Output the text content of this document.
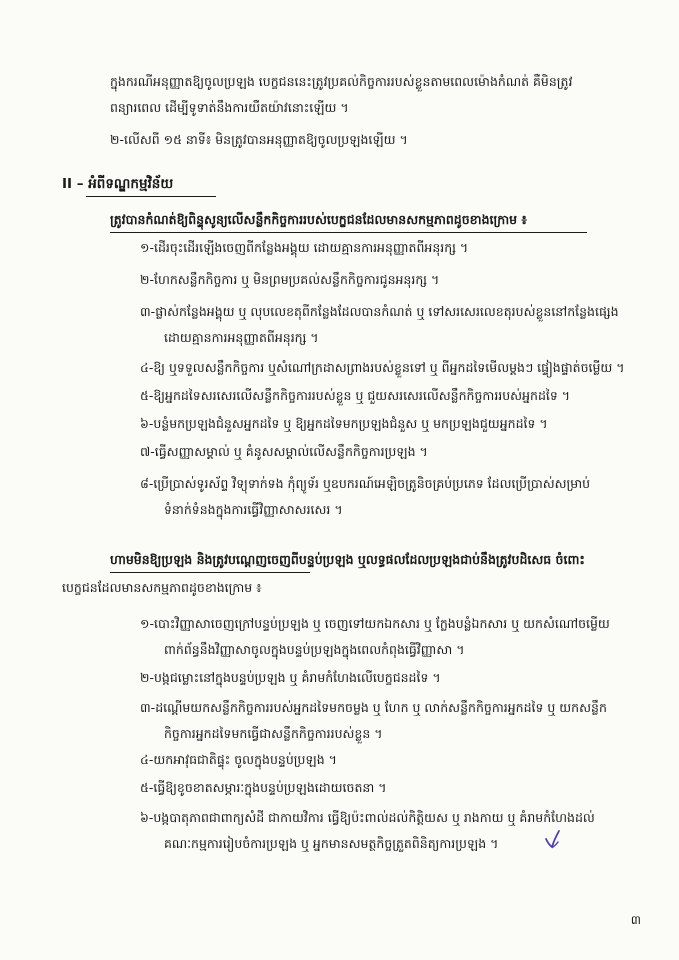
ក្នុងករណីអនុញ្ញាតឱ្យចូលប្រឡង បេក្ខជននេះត្រូវប្រគល់កិច្ចការរបស់ខ្លួនតាមពេលម៉ោងកំណត់ គឺមិនត្រូវ
ពន្យារពេល ដើម្បីទូទាត់នឹងការយឺតយ៉ាវនោះឡើយ ។
២-លើសពី ១៥ នាទី៖ មិនត្រូវបានអនុញ្ញាតឱ្យចូលប្រឡងឡើយ ។
II – អំពីទណ្ឌកម្មវិន័យ
ត្រូវបានកំណត់ឱ្យពិន្ទុសូន្យលើសន្លឹកកិច្ចការរបស់បេក្ខជនដែលមានសកម្មភាពដូចខាងក្រោម ៖
១-ដើរចុះដើរឡើងចេញពីកន្លែងអង្គុយ ដោយគ្មានការអនុញ្ញាតពីអនុរក្ស ។
២-ហែកសន្លឹកកិច្ចការ ឬ មិនព្រមប្រគល់សន្លឹកកិច្ចការជូនអនុរក្ស ។
៣-ផ្លាស់កន្លែងអង្គុយ ឬ លុបលេខតុពីកន្លែងដែលបានកំណត់ ឬ ទៅសរសេរលេខតុរបស់ខ្លួននៅកន្លែងផ្សេង
ដោយគ្មានការអនុញ្ញាតពីអនុរក្ស ។
៤-ឱ្យ ឬទទួលសន្លឹកកិច្ចការ ឬសំណៅក្រដាសព្រាងរបស់ខ្លួនទៅ ឬ ពីអ្នកដទៃមើលម្តងៗ ផ្ទៀងផ្ទាត់ចម្លើយ ។
៥-ឱ្យអ្នកដទៃសរសេរលើសន្លឹកកិច្ចការរបស់ខ្លួន ឬ ជួយសរសេរលើសន្លឹកកិច្ចការរបស់អ្នកដទៃ ។
៦-បន្លំមកប្រឡងជំនួសអ្នកដទៃ ឬ ឱ្យអ្នកដទៃមកប្រឡងជំនួស ឬ មកប្រឡងជួយអ្នកដទៃ ។
៧-ធ្វើសញ្ញាសម្គាល់ ឬ គំនូសសម្គាល់លើសន្លឹកកិច្ចការប្រឡង ។
៨-ប្រើប្រាស់ទូរស័ព្ទ វិទ្យុទាក់ទង កុំព្យូទ័រ ឬឧបករណ៍អេឡិចត្រូនិចគ្រប់ប្រភេទ ដែលប្រើប្រាស់សម្រាប់
ទំនាក់ទំនងក្នុងការធ្វើវិញ្ញាសាសរសេរ ។
ហាមមិនឱ្យប្រឡង និងត្រូវបណ្តេញចេញពីបន្ទប់ប្រឡង ឬលទ្ធផលដែលប្រឡងជាប់នឹងត្រូវបដិសេធ ចំពោះ
បេក្ខជនដែលមានសកម្មភាពដូចខាងក្រោម ៖
១-បោះវិញ្ញាសាចេញក្រៅបន្ទប់ប្រឡង ឬ ចេញទៅយកឯកសារ ឬ ក្លែងបន្លំឯកសារ ឬ យកសំណៅចម្លើយ
ពាក់ព័ន្ធនឹងវិញ្ញាសាចូលក្នុងបន្ទប់ប្រឡងក្នុងពេលកំពុងធ្វើវិញ្ញាសា ។
២-បង្កជម្លោះនៅក្នុងបន្ទប់ប្រឡង ឬ គំរាមកំហែងលើបេក្ខជនដទៃ ។
៣-ដណ្តើមយកសន្លឹកកិច្ចការរបស់អ្នកដទៃមកចម្លង ឬ ហែក ឬ លាក់សន្លឹកកិច្ចការអ្នកដទៃ ឬ យកសន្លឹក
កិច្ចការអ្នកដទៃមកធ្វើជាសន្លឹកកិច្ចការរបស់ខ្លួន ។
៤-យកអាវុធជាតិផ្ទុះ ចូលក្នុងបន្ទប់ប្រឡង ។
៥-ធ្វើឱ្យខូចខាតសម្ភារៈក្នុងបន្ទប់ប្រឡងដោយចេតនា ។
៦-បង្កបាតុភាពជាពាក្យសំដី ជាកាយវិការ ធ្វើឱ្យប៉ះពាល់ដល់កិត្តិយស ឬ រាងកាយ ឬ គំរាមកំហែងដល់
គណៈកម្មការរៀបចំការប្រឡង ឬ អ្នកមានសមត្ថកិច្ចត្រួតពិនិត្យការប្រឡង ។
៣
